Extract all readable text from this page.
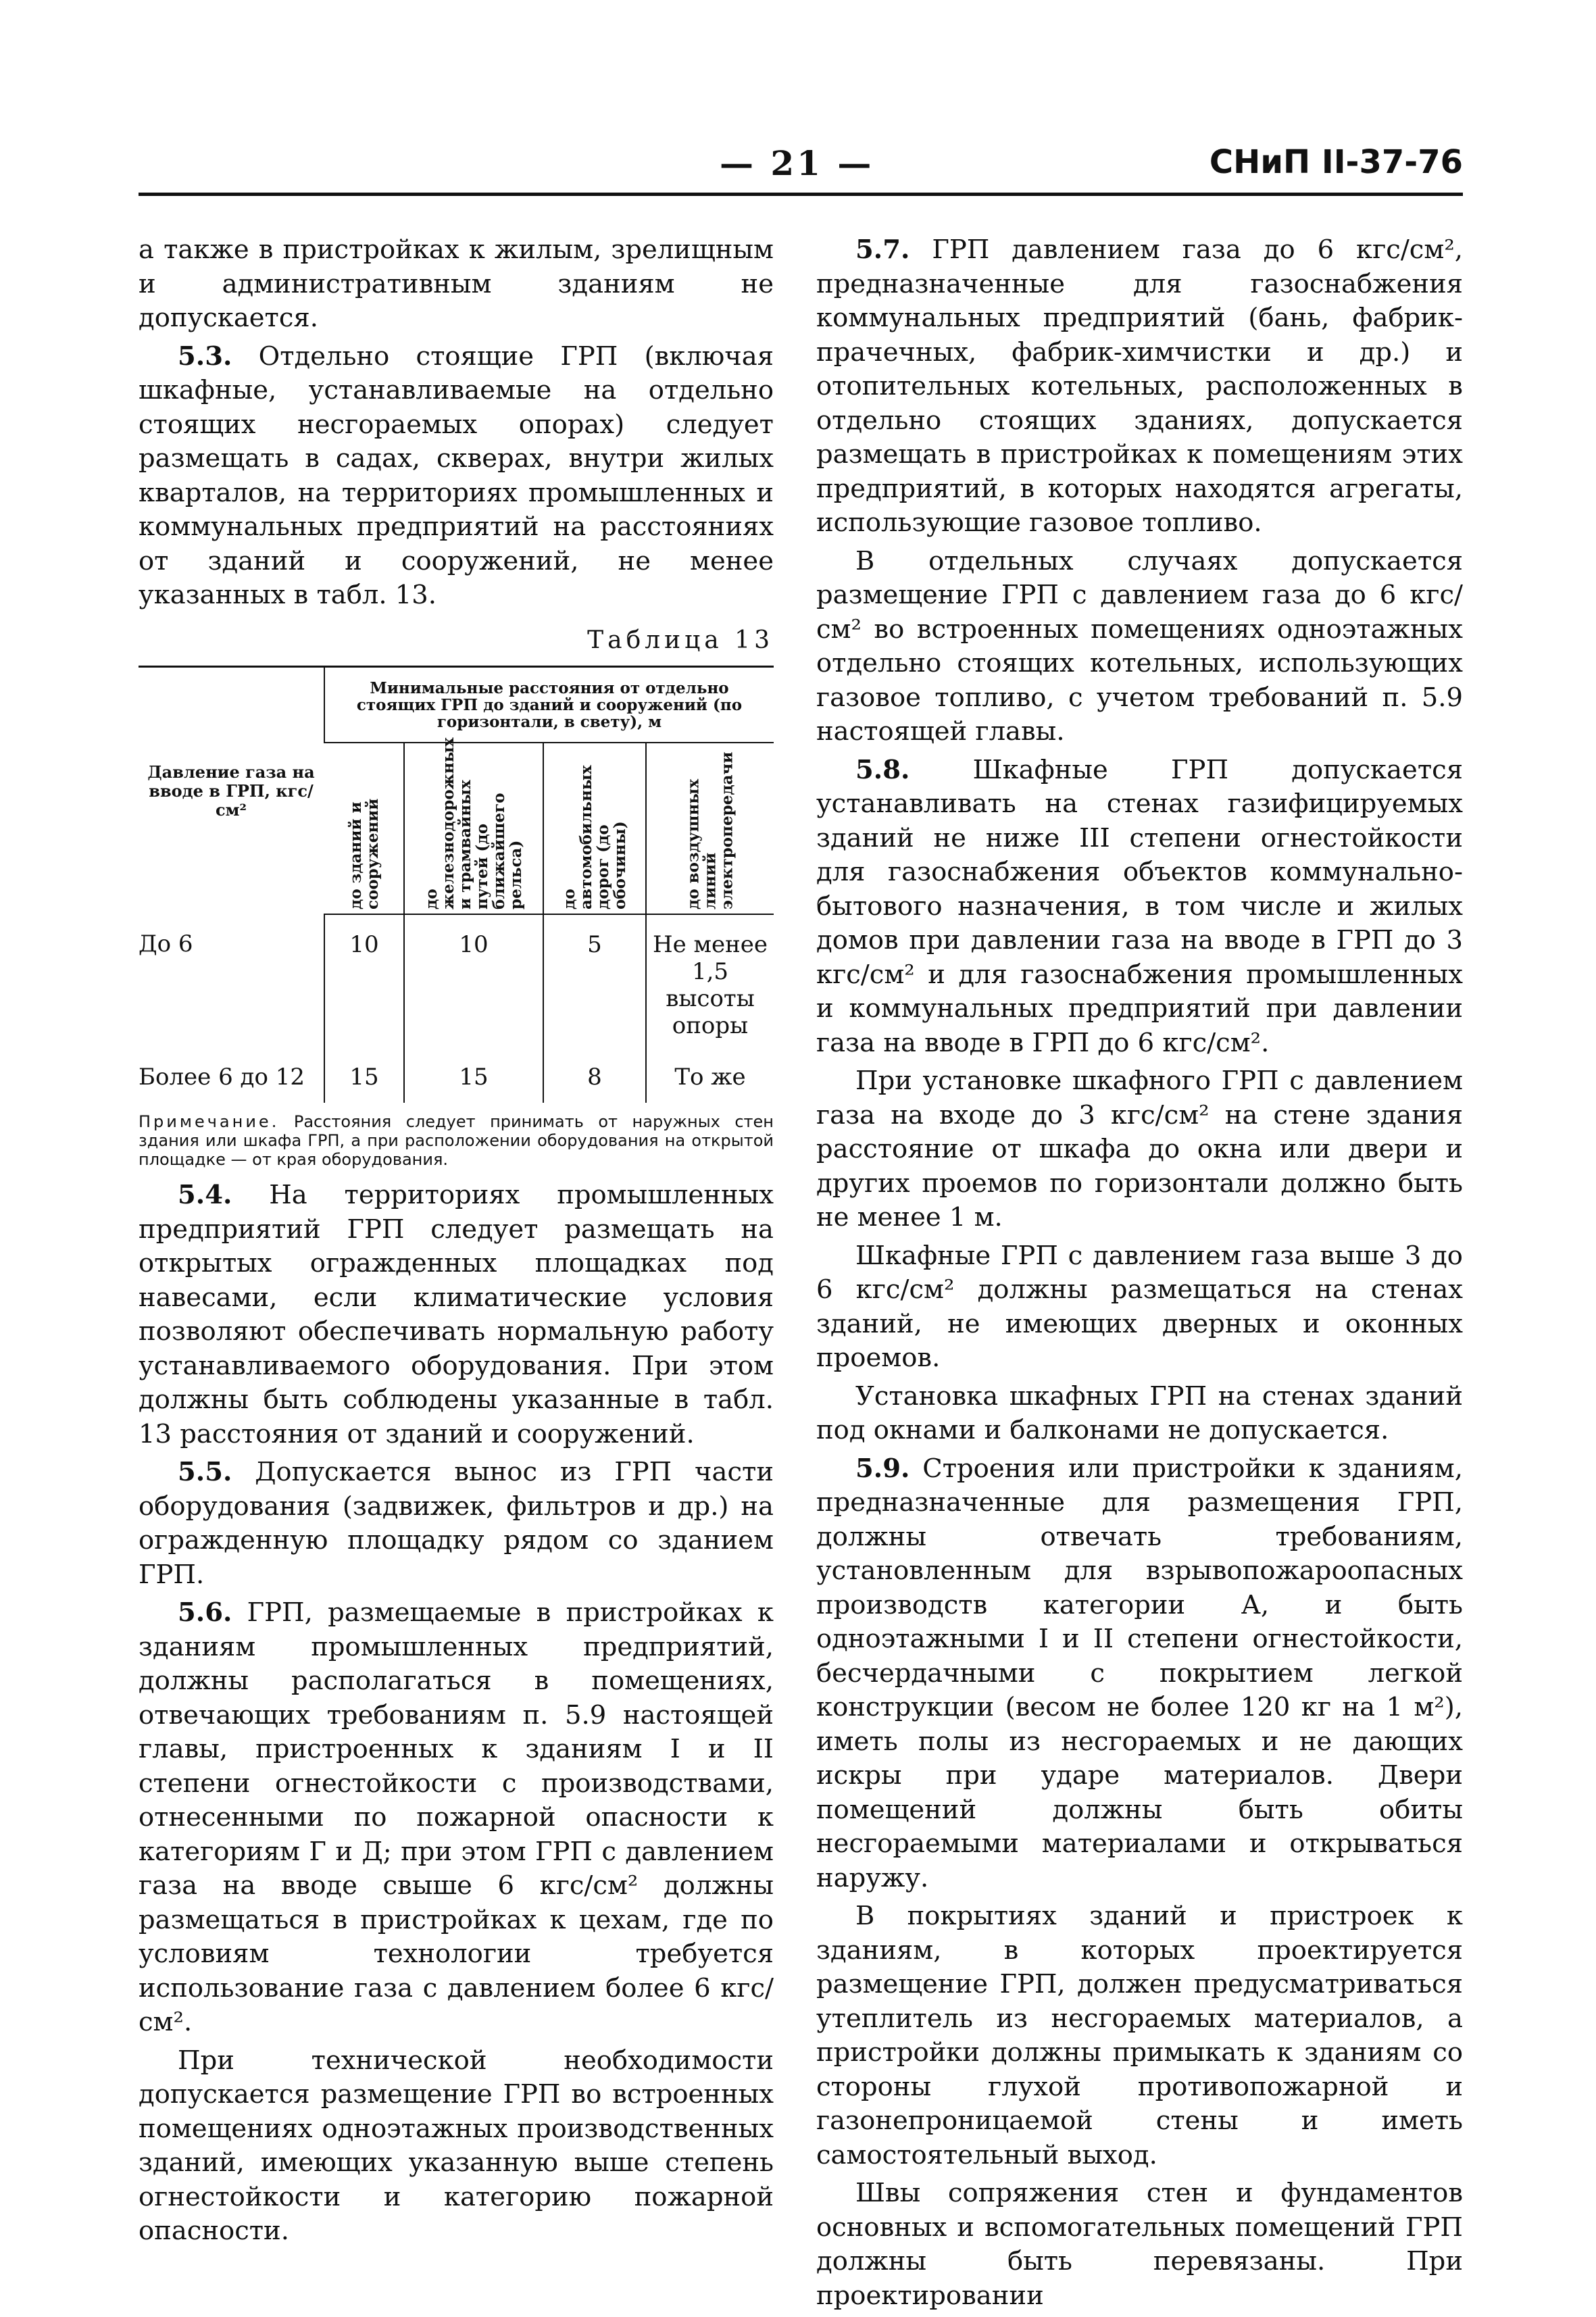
— 21 —	СНиП II-37-76

а также в пристройках к жилым, зрелищным и административным зданиям не допускается.

5.3. Отдельно стоящие ГРП (включая шкафные, устанавливаемые на отдельно стоящих несгораемых опорах) следует размещать в садах, скверах, внутри жилых кварталов, на территориях промышленных и коммунальных предприятий на расстояниях от зданий и сооружений, не менее указанных в табл. 13.

Таблица 13
Давление газа на вводе в ГРП, кгс/см²	Минимальные расстояния от отдельно стоящих ГРП до зданий и сооружений (по горизонтали, в свету), м			

	до зданий и сооружений	до железнодорожных и трамвайных путей (до ближайшего рельса)	до автомобильных дорог (до обочины)	до воздушных линий электропередачи

До 6	10	10	5	Не менее 1,5 высоты опоры
Более 6 до 12	15	15	8	То же
Примечание. Расстояния следует принимать от наружных стен здания или шкафа ГРП, а при расположении оборудования на открытой площадке — от края оборудования.

5.4. На территориях промышленных предприятий ГРП следует размещать на открытых огражденных площадках под навесами, если климатические условия позволяют обеспечивать нормальную работу устанавливаемого оборудования. При этом должны быть соблюдены указанные в табл. 13 расстояния от зданий и сооружений.

5.5. Допускается вынос из ГРП части оборудования (задвижек, фильтров и др.) на огражденную площадку рядом со зданием ГРП.

5.6. ГРП, размещаемые в пристройках к зданиям промышленных предприятий, должны располагаться в помещениях, отвечающих требованиям п. 5.9 настоящей главы, пристроенных к зданиям I и II степени огнестойкости с производствами, отнесенными по пожарной опасности к категориям Г и Д; при этом ГРП с давлением газа на вводе свыше 6 кгс/см² должны размещаться в пристройках к цехам, где по условиям технологии требуется использование газа с давлением более 6 кгс/см².

При технической необходимости допускается размещение ГРП во встроенных помещениях одноэтажных производственных зданий, имеющих указанную выше степень огнестойкости и категорию пожарной опасности.

5.7. ГРП давлением газа до 6 кгс/см², предназначенные для газоснабжения коммунальных предприятий (бань, фабрик-прачечных, фабрик-химчистки и др.) и отопительных котельных, расположенных в отдельно стоящих зданиях, допускается размещать в пристройках к помещениям этих предприятий, в которых находятся агрегаты, использующие газовое топливо.

В отдельных случаях допускается размещение ГРП с давлением газа до 6 кгс/см² во встроенных помещениях одноэтажных отдельно стоящих котельных, использующих газовое топливо, с учетом требований п. 5.9 настоящей главы.

5.8. Шкафные ГРП допускается устанавливать на стенах газифицируемых зданий не ниже III степени огнестойкости для газоснабжения объектов коммунально-бытового назначения, в том числе и жилых домов при давлении газа на вводе в ГРП до 3 кгс/см² и для газоснабжения промышленных и коммунальных предприятий при давлении газа на вводе в ГРП до 6 кгс/см².

При установке шкафного ГРП с давлением газа на входе до 3 кгс/см² на стене здания расстояние от шкафа до окна или двери и других проемов по горизонтали должно быть не менее 1 м.

Шкафные ГРП с давлением газа выше 3 до 6 кгс/см² должны размещаться на стенах зданий, не имеющих дверных и оконных проемов.

Установка шкафных ГРП на стенах зданий под окнами и балконами не допускается.

5.9. Строения или пристройки к зданиям, предназначенные для размещения ГРП, должны отвечать требованиям, установленным для взрывопожароопасных производств категории А, и быть одноэтажными I и II степени огнестойкости, бесчердачными с покрытием легкой конструкции (весом не более 120 кг на 1 м²), иметь полы из несгораемых и не дающих искры при ударе материалов. Двери помещений должны быть обиты несгораемыми материалами и открываться наружу.

В покрытиях зданий и пристроек к зданиям, в которых проектируется размещение ГРП, должен предусматриваться утеплитель из несгораемых материалов, а пристройки должны примыкать к зданиям со стороны глухой противопожарной и газонепроницаемой стены и иметь самостоятельный выход.

Швы сопряжения стен и фундаментов основных и вспомогательных помещений ГРП должны быть перевязаны. При проектировании
